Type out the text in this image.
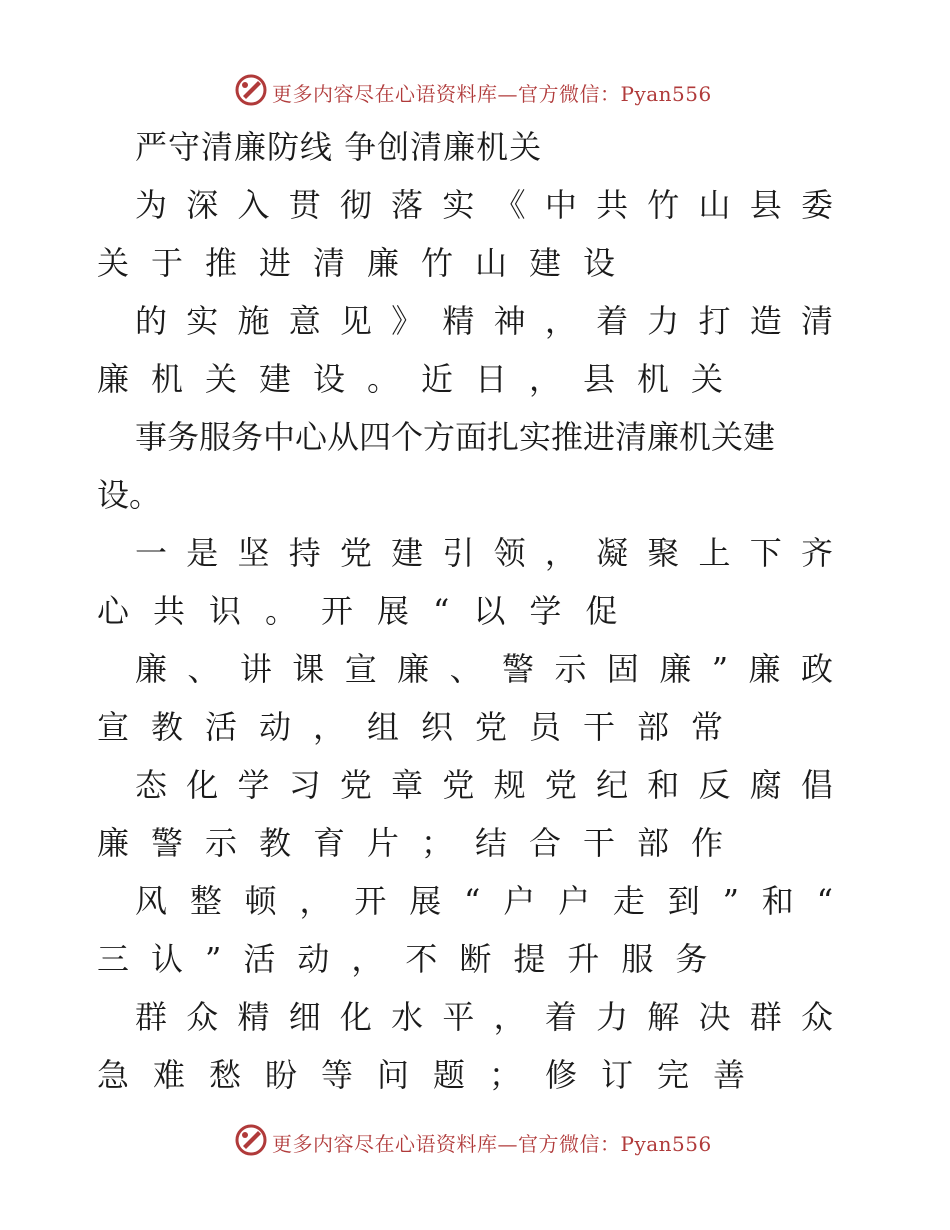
更多内容尽在心语资料库—官方微信：Pyan556
严守清廉防线 争创清廉机关
为深入贯彻落实《中共竹山县委
关于推进清廉竹山建设
的实施意见》精神，着力打造清
廉机关建设。近日，县机关
事务服务中心从四个方面扎实推进清廉机关建
设。
一是坚持党建引领，凝聚上下齐
心共识。开展“以学促
廉、讲课宣廉、警示固廉”廉政
宣教活动，组织党员干部常
态化学习党章党规党纪和反腐倡
廉警示教育片；结合干部作
风整顿，开展“户户走到”和“
三认”活动，不断提升服务
群众精细化水平，着力解决群众
急难愁盼等问题；修订完善
更多内容尽在心语资料库—官方微信：Pyan556
